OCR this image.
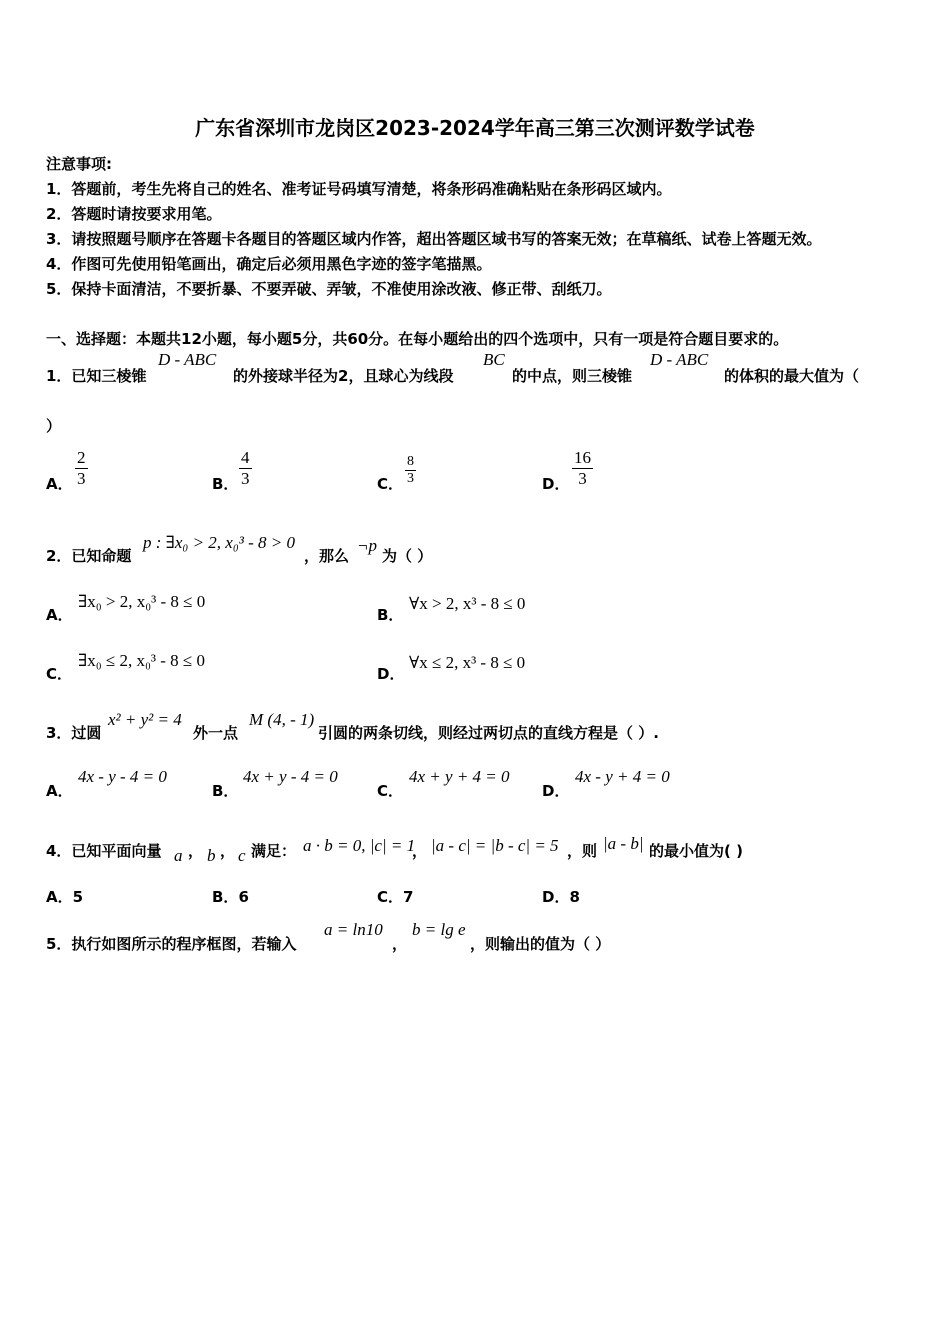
广东省深圳市龙岗区2023-2024学年高三第三次测评数学试卷
注意事项:
1．答题前，考生先将自己的姓名、准考证号码填写清楚，将条形码准确粘贴在条形码区域内。
2．答题时请按要求用笔。
3．请按照题号顺序在答题卡各题目的答题区域内作答，超出答题区域书写的答案无效；在草稿纸、试卷上答题无效。
4．作图可先使用铅笔画出，确定后必须用黑色字迹的签字笔描黑。
5．保持卡面清洁，不要折暴、不要弄破、弄皱，不准使用涂改液、修正带、刮纸刀。
一、选择题：本题共12小题，每小题5分，共60分。在每小题给出的四个选项中，只有一项是符合题目要求的。
1．已知三棱锥
D - ABC
的外接球半径为2，且球心为线段
BC
的中点，则三棱锥
D - ABC
的体积的最大值为（
）
A． $\frac{2}{3}$	B． $\frac{4}{3}$	C． $\frac{8}{3}$	D． $\frac{16}{3}$
2．已知命题
p : ∃x₀ > 2, x₀³ - 8 > 0
，那么
¬p
为（ ）
A．
∃x₀ > 2, x₀³ - 8 ≤ 0
B．
∀x > 2, x³ - 8 ≤ 0
C．
∃x₀ ≤ 2, x₀³ - 8 ≤ 0
D．
∀x ≤ 2, x³ - 8 ≤ 0
3．过圆
x² + y² = 4
外一点
M (4, - 1)
引圆的两条切线，则经过两切点的直线方程是（ ）.
A．
4x - y - 4 = 0
B．
4x + y - 4 = 0
C．
4x + y + 4 = 0
D．
4x - y + 4 = 0
4．已知平面向量 a ， b ， c 满足： a · b = 0, |c| = 1
， |a - c| = |b - c| = 5 ，则 |a - b| 的最小值为( )
A．5	B．6	C．7	D．8
5．执行如图所示的程序框图，若输入
a = ln10
，
b = lg e
，则输出的值为（ ）
